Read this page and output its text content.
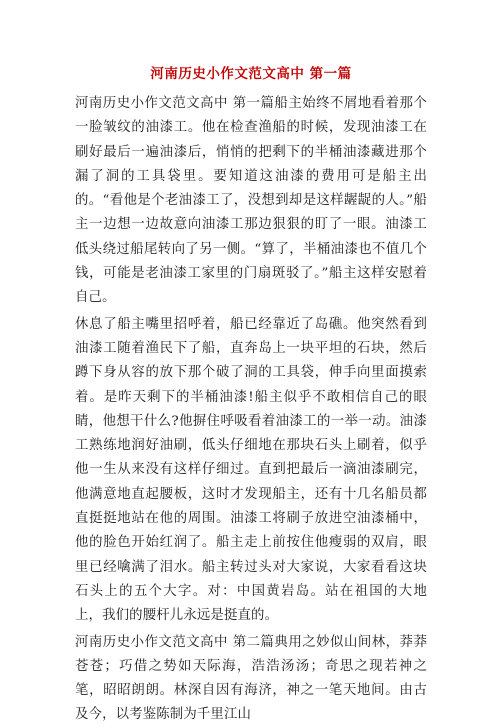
河南历史小作文范文高中 第一篇

河南历史小作文范文高中 第一篇船主始终不屑地看着那个一脸皱纹的油漆工。他在检查渔船的时候，发现油漆工在刷好最后一遍油漆后，悄悄的把剩下的半桶油漆藏进那个漏了洞的工具袋里。要知道这油漆的费用可是船主出的。“看他是个老油漆工了，没想到却是这样龌龊的人。”船主一边想一边故意向油漆工那边狠狠的盯了一眼。油漆工低头绕过船尾转向了另一侧。“算了，半桶油漆也不值几个钱，可能是老油漆工家里的门扇斑驳了。”船主这样安慰着自己。

休息了船主嘴里招呼着，船已经靠近了岛礁。他突然看到油漆工随着渔民下了船，直奔岛上一块平坦的石块，然后蹲下身从容的放下那个破了洞的工具袋，伸手向里面摸索着。是昨天剩下的半桶油漆!船主似乎不敢相信自己的眼睛，他想干什么?他摒住呼吸看着油漆工的一举一动。油漆工熟练地润好油刷，低头仔细地在那块石头上刷着，似乎他一生从来没有这样仔细过。直到把最后一滴油漆刷完，他满意地直起腰板，这时才发现船主，还有十几名船员都直挺挺地站在他的周围。油漆工将刷子放进空油漆桶中，他的脸色开始红润了。船主走上前按住他瘦弱的双肩，眼里已经噙满了泪水。船主转过头对大家说，大家看看这块石头上的五个大字。对：中国黄岩岛。站在祖国的大地上，我们的腰杆儿永远是挺直的。

河南历史小作文范文高中 第二篇典用之妙似山间林，莽莽苍苍；巧借之势如天际海，浩浩汤汤；奇思之现若神之笔，昭昭朗朗。林深自因有海济，神之一笔天地间。由古及今，以考鉴陈制为千里江山
